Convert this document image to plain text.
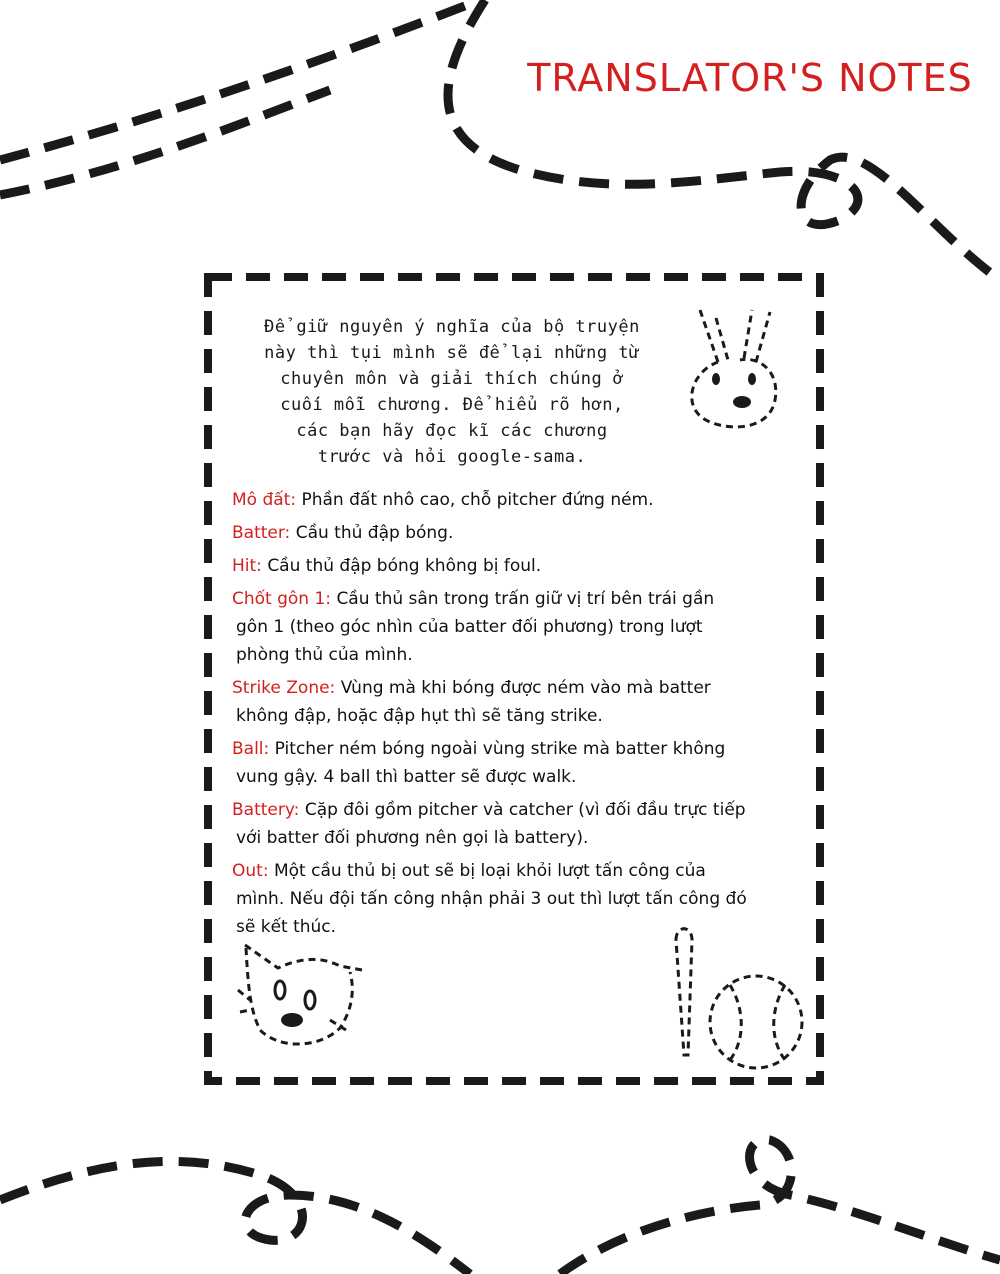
TRANSLATOR'S NOTES
Để giữ nguyên ý nghĩa của bộ truyện
này thì tụi mình sẽ để lại những từ
chuyên môn và giải thích chúng ở
cuối mỗi chương. Để hiểu rõ hơn,
các bạn hãy đọc kĩ các chương
trước và hỏi google-sama.
Mô đất: Phần đất nhô cao, chỗ pitcher đứng ném.
Batter: Cầu thủ đập bóng.
Hit: Cầu thủ đập bóng không bị foul.
Chốt gôn 1: Cầu thủ sân trong trấn giữ vị trí bên trái gần
gôn 1 (theo góc nhìn của batter đối phương) trong lượt
phòng thủ của mình.
Strike Zone: Vùng mà khi bóng được ném vào mà batter
không đập, hoặc đập hụt thì sẽ tăng strike.
Ball: Pitcher ném bóng ngoài vùng strike mà batter không
vung gậy. 4 ball thì batter sẽ được walk.
Battery: Cặp đôi gồm pitcher và catcher (vì đối đầu trực tiếp
với batter đối phương nên gọi là battery).
Out: Một cầu thủ bị out sẽ bị loại khỏi lượt tấn công của
mình. Nếu đội tấn công nhận phải 3 out thì lượt tấn công đó
sẽ kết thúc.
